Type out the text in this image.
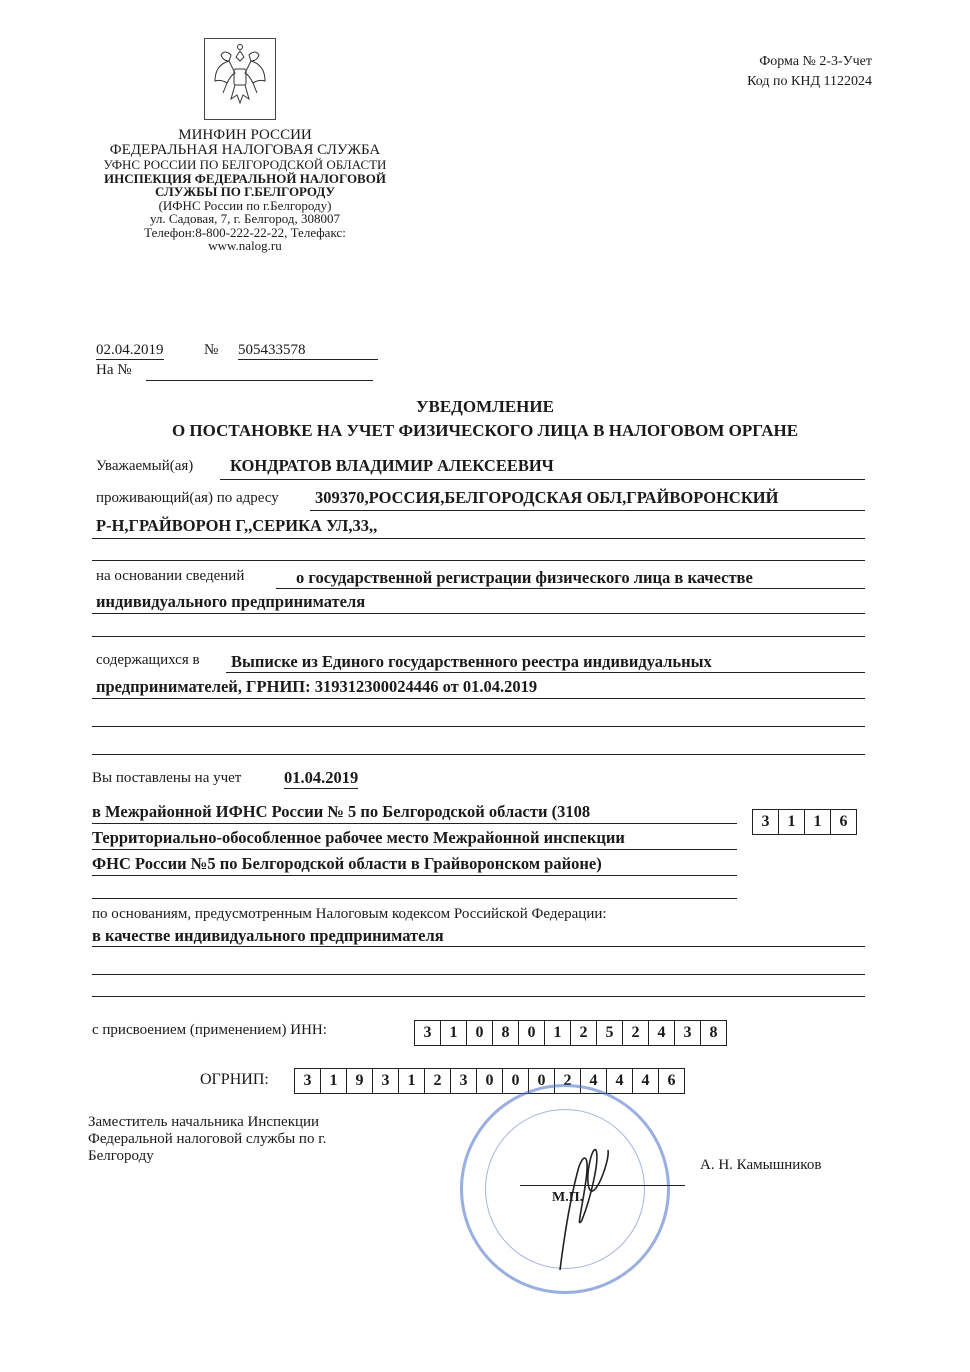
МИНФИН РОССИИ
ФЕДЕРАЛЬНАЯ НАЛОГОВАЯ СЛУЖБА
УФНС РОССИИ ПО БЕЛГОРОДСКОЙ ОБЛАСТИ
ИНСПЕКЦИЯ ФЕДЕРАЛЬНОЙ НАЛОГОВОЙ
СЛУЖБЫ ПО Г.БЕЛГОРОДУ
(ИФНС России по г.Белгороду)
ул. Садовая, 7, г. Белгород, 308007
Телефон:8-800-222-22-22, Телефакс:
www.nalog.ru
Форма № 2-3-Учет
Код по КНД 1122024
02.04.2019	№ 505433578
На №
УВЕДОМЛЕНИЕ
О ПОСТАНОВКЕ НА УЧЕТ ФИЗИЧЕСКОГО ЛИЦА В НАЛОГОВОМ ОРГАНЕ
Уважаемый(ая) КОНДРАТОВ ВЛАДИМИР АЛЕКСЕЕВИЧ
проживающий(ая) по адресу 309370,РОССИЯ,БЕЛГОРОДСКАЯ ОБЛ,ГРАЙВОРОНСКИЙ
Р-Н,ГРАЙВОРОН Г,,СЕРИКА УЛ,33,,
на основании сведений	о государственной регистрации физического лица в качестве
индивидуального предпринимателя
содержащихся в Выписке из Единого государственного реестра индивидуальных
предпринимателей, ГРНИП: 319312300024446 от 01.04.2019
Вы поставлены на учет	01.04.2019
в Межрайонной ИФНС России № 5 по Белгородской области (3108
Территориально-обособленное рабочее место Межрайонной инспекции
ФНС России №5 по Белгородской области в Грайворонском районе)
3	1	1	6
по основаниям, предусмотренным Налоговым кодексом Российской Федерации:
в качестве индивидуального предпринимателя
с присвоением (применением) ИНН:	3	1	0	8	0	1	2	5	2	4	3	8
ОГРНИП:	3	1	9	3	1	2	3	0	0	0	2	4	4	4	6
Заместитель начальника Инспекции
Федеральной налоговой службы по г.
Белгороду
М.П.
А. Н. Камышников
